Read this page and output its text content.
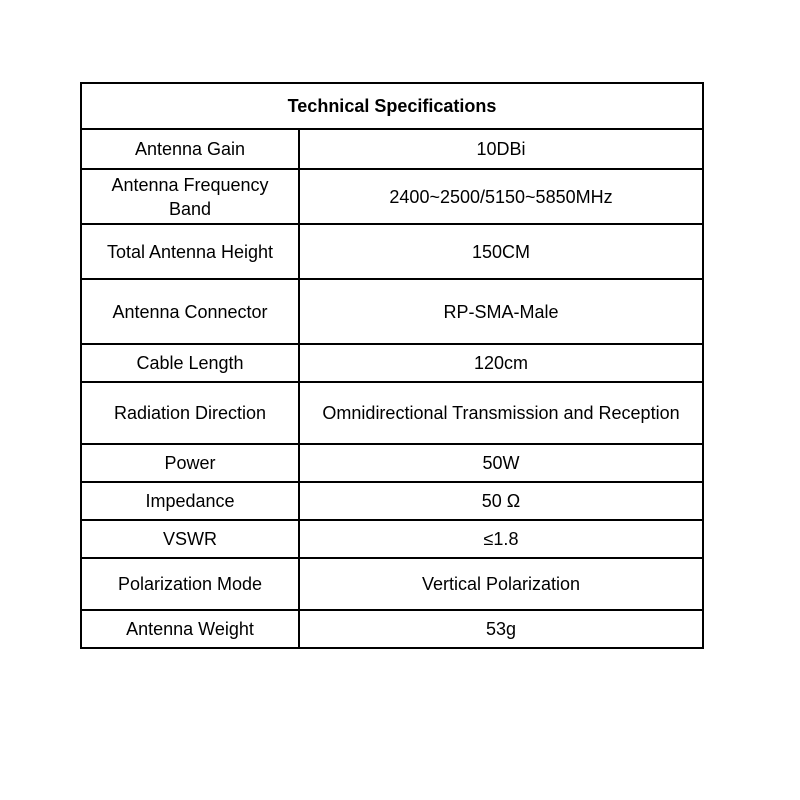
Technical Specifications	
Antenna Gain	10DBi
Antenna Frequency Band	2400~2500/5150~5850MHz
Total Antenna Height	150CM
Antenna Connector	RP-SMA-Male
Cable Length	120cm
Radiation Direction	Omnidirectional Transmission and Reception
Power	50W
Impedance	50 Ω
VSWR	≤1.8
Polarization Mode	Vertical Polarization
Antenna Weight	53g
